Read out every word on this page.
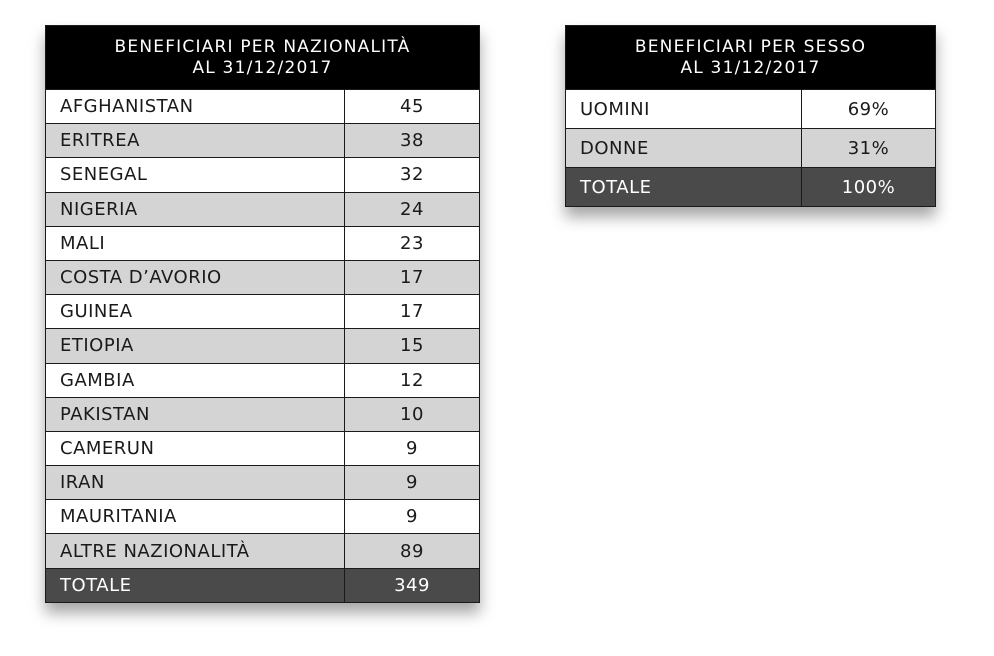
BENEFICIARI PER NAZIONALITÀ
AL 31/12/2017	
AFGHANISTAN	45
ERITREA	38
SENEGAL	32
NIGERIA	24
MALI	23
COSTA D’AVORIO	17
GUINEA	17
ETIOPIA	15
GAMBIA	12
PAKISTAN	10
CAMERUN	9
IRAN	9
MAURITANIA	9
ALTRE NAZIONALITÀ	89
TOTALE	349
BENEFICIARI PER SESSO
AL 31/12/2017	
UOMINI	69%
DONNE	31%
TOTALE	100%
